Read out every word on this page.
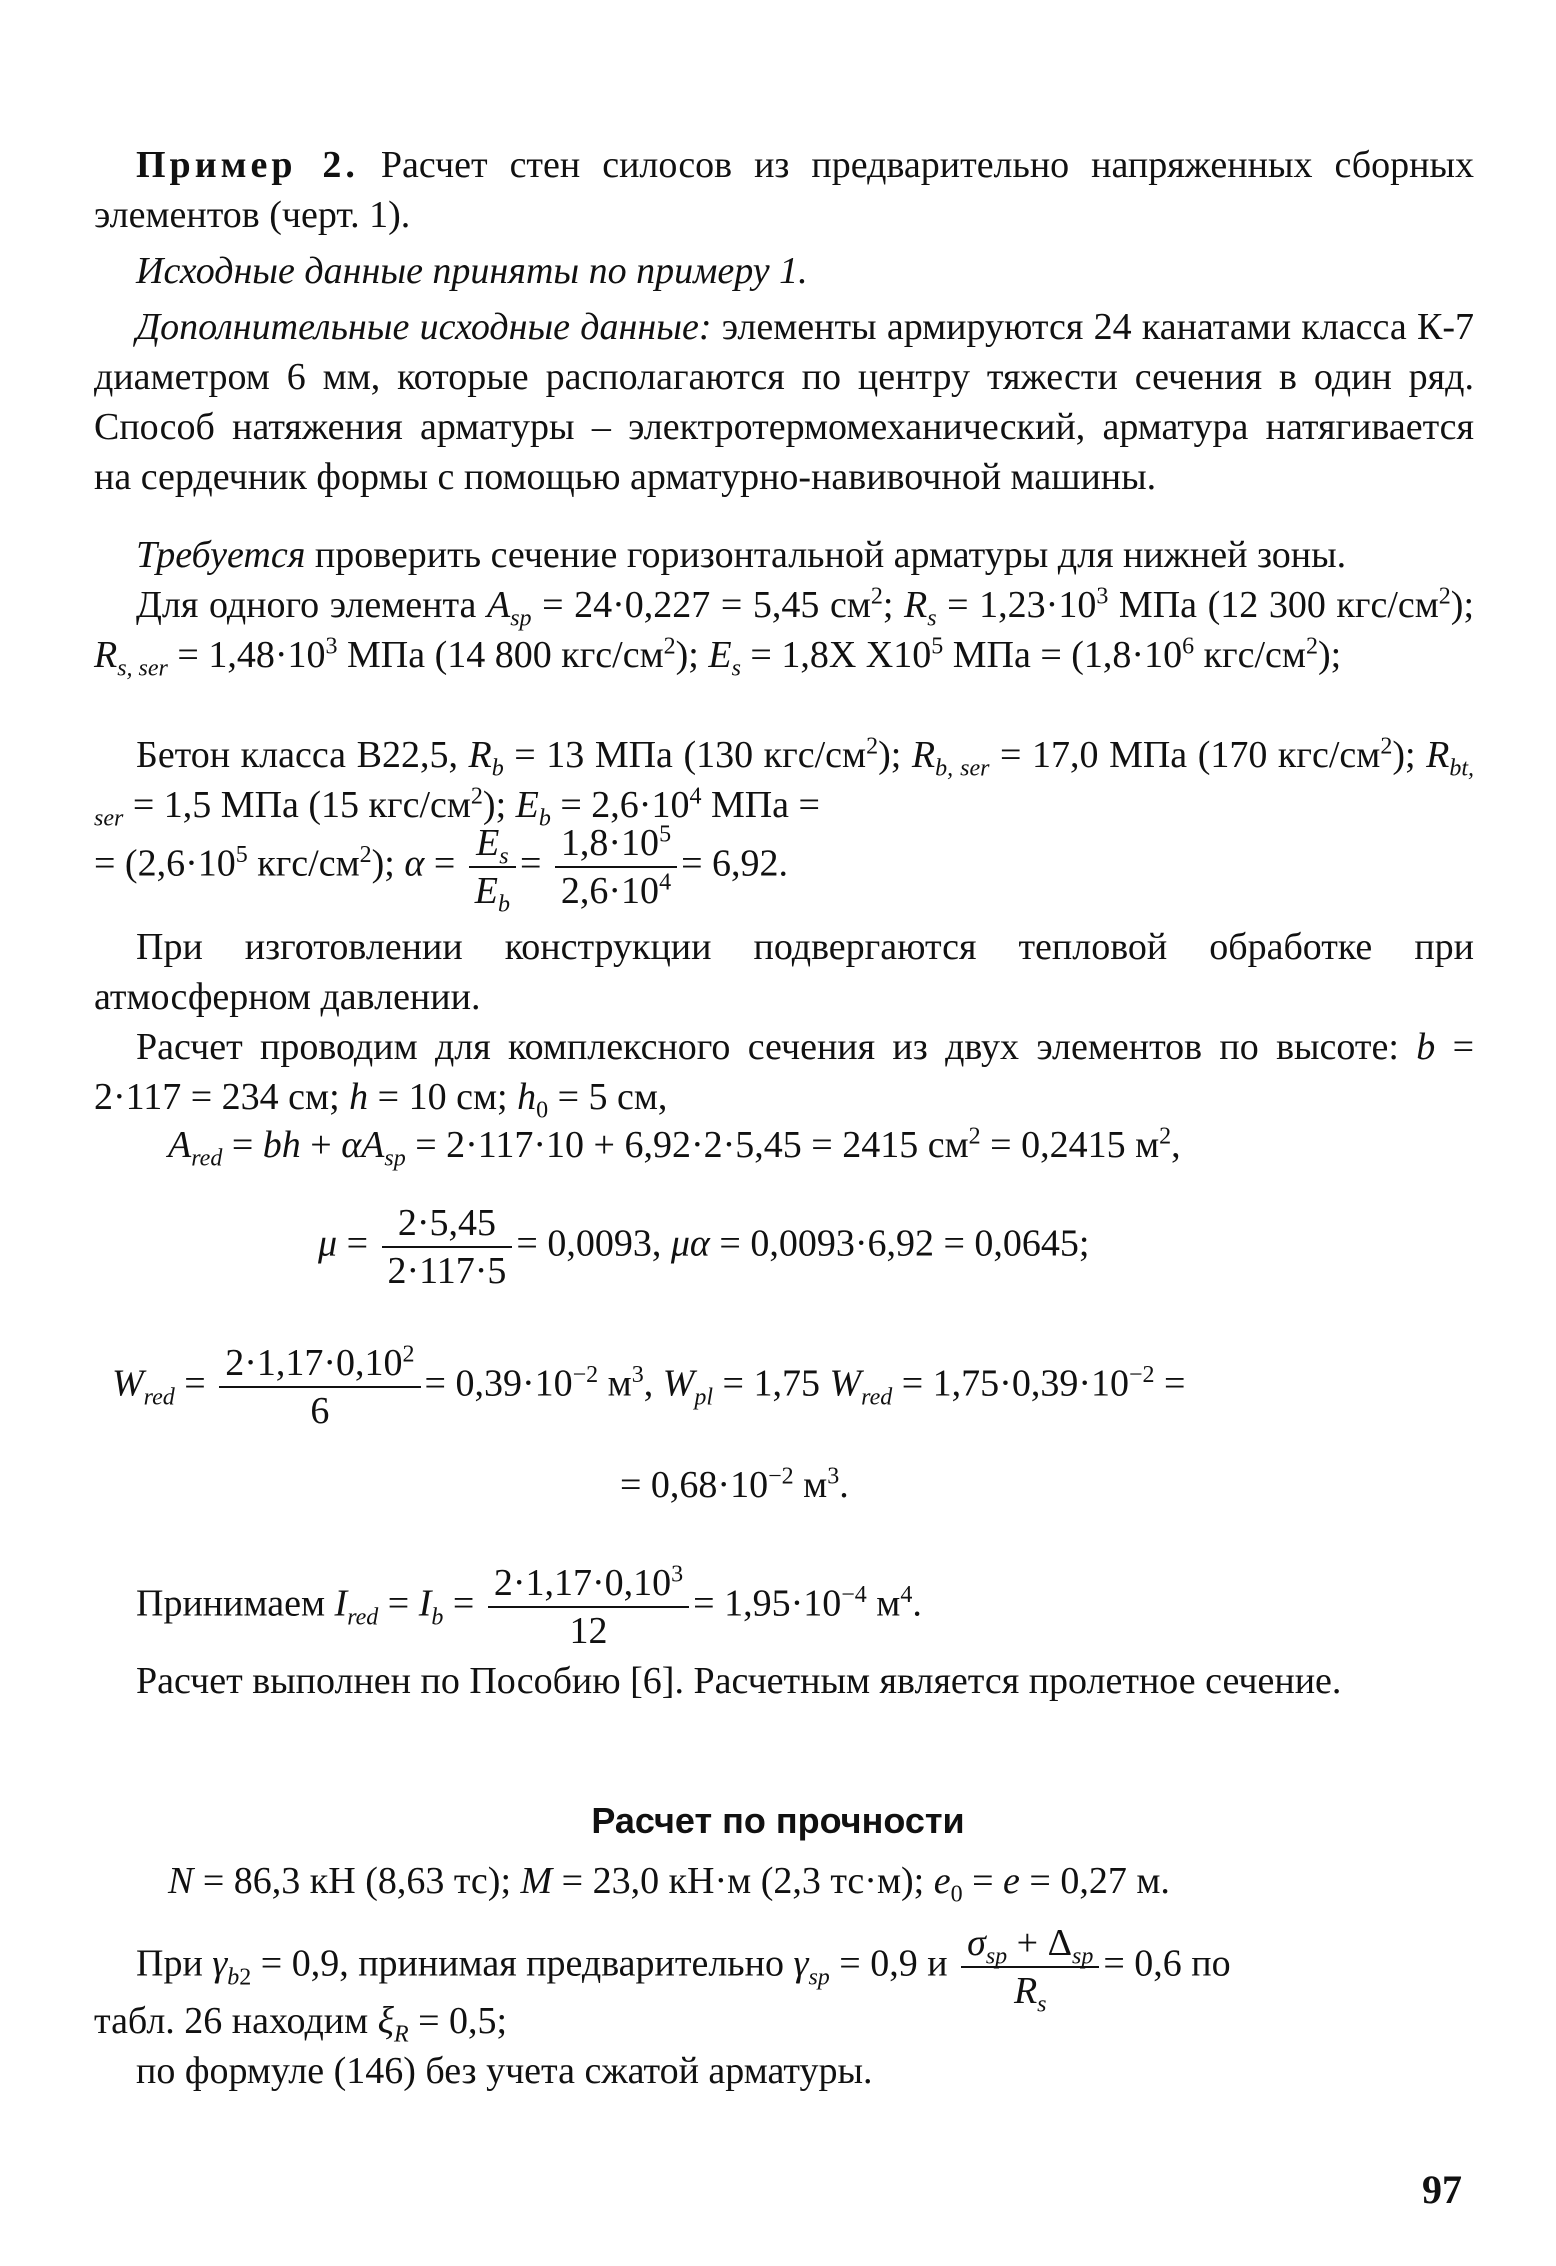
Пример 2. Расчет стен силосов из предварительно напряженных сборных элементов (черт. 1).
Исходные данные приняты по примеру 1.
Дополнительные исходные данные: элементы армируются 24 канатами класса К-7 диаметром 6 мм, которые располагаются по центру тяжести сечения в один ряд. Способ натяжения арматуры – электротермомеханический, арматура натягивается на сердечник формы с помощью арматурно-навивочной машины.
Требуется проверить сечение горизонтальной арматуры для нижней зоны.
Для одного элемента $A_{sp} = 24\cdot 0,227 = 5,45$ $см^2$; $R_s = 1,23\cdot 10^3$ МПа (12 300 кгс/$см^2$); $R_{s, ser} = 1,48\cdot 10^3$ МПа (14 800 кгс/$см^2$); $E_s = 1,8Х$ $Х10^5$ МПа = ($1,8\cdot 10^6$ кгс/$см^2$);
Бетон класса В22,5, $R_b = 13$ МПа (130 кгс/$см^2$); $R_{b, ser} = 17,0$ МПа (170 кгс/$см^2$); $R_{bt, ser} = 1,5$ МПа (15 кгс/$см^2$); $E_b = 2,6\cdot 10^4$ МПа =
= ($2,6\cdot 10^5$ кгс/$см^2$); $\alpha = \frac{E_s}{E_b} = \frac{1,8\cdot 10^5}{2,6\cdot 10^4} = 6,92$.
При изготовлении конструкции подвергаются тепловой обработке при атмосферном давлении.
Расчет проводим для комплексного сечения из двух элементов по высоте: b = 2·117 = 234 см; h = 10 см; $h_0 = 5$ см,
$A_{red}$ = bh + $\alpha A_{sp} = 2\cdot 117\cdot 10 + 6,92\cdot 2\cdot 5,45 = 2415$ $см^2 = 0,2415$ $м^2$,
$\mu = \frac{2\cdot 5,45}{2\cdot 117\cdot 5} = 0,0093$, μα = 0,0093·6,92 = 0,0645;
$W_{red} = \frac{2\cdot 1,17\cdot 0,10^2}{6} = 0,39\cdot 10^{-2}$ $м^3$, $W_{pl} = 1,75$ $W_{red} = 1,75\cdot 0,39\cdot 10^{-2}$ =
= $0,68\cdot 10^{-2}$ $м^3$.
Принимаем $I_{red} = I_b = \frac{2\cdot 1,17\cdot 0,10^3}{12} = 1,95\cdot 10^{-4}$ $м^4$.
Расчет выполнен по Пособию [6]. Расчетным является пролетное сечение.
Расчет по прочности
N = 86,3 кН (8,63 тс); M = 23,0 кН·м (2,3 тс·м); $e_0 = e = 0,27$ м.
При $\gamma_{b2} = 0,9$, принимая предварительно $\gamma_{sp} = 0,9$ и $\frac{\sigma_{sp} + \Delta_{sp}}{R_s} = 0,6$ по
табл. 26 находим $\xi_R = 0,5$;
по формуле (146) без учета сжатой арматуры.
97
